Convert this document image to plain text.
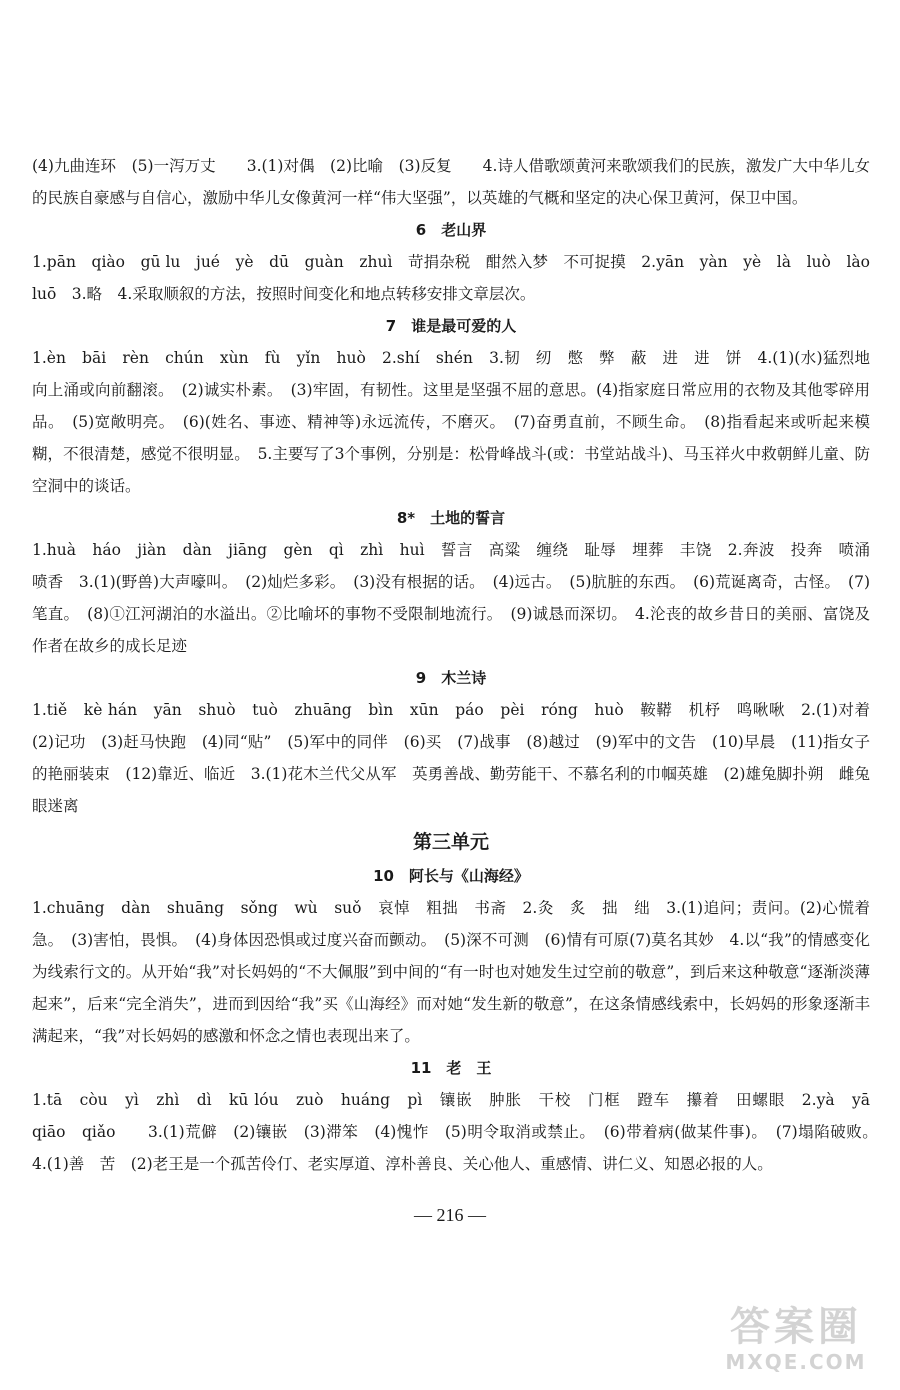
(4)九曲连环　(5)一泻万丈　　3.(1)对偶　(2)比喻　(3)反复　　4.诗人借歌颂黄河来歌颂我们的民族，激发广大中华儿女的民族自豪感与自信心，激励中华儿女像黄河一样“伟大坚强”，以英雄的气概和坚定的决心保卫黄河，保卫中国。

6　老山界

1.pān　qiào　gū lu　jué　yè　dū　guàn　zhuì　苛捐杂税　酣然入梦　不可捉摸　2.yān　yàn　yè　là　luò　lào　luō　3.略　4.采取顺叙的方法，按照时间变化和地点转移安排文章层次。

7　谁是最可爱的人

1.èn　bāi　rèn　chún　xùn　fù　yǐn　huò　2.shí　shén　3.韧　纫　憋　弊　蔽　进　进　饼　4.(1)(水)猛烈地向上涌或向前翻滚。　(2)诚实朴素。　(3)牢固，有韧性。这里是坚强不屈的意思。(4)指家庭日常应用的衣物及其他零碎用品。　(5)宽敞明亮。　(6)(姓名、事迹、精神等)永远流传，不磨灭。　(7)奋勇直前，不顾生命。　(8)指看起来或听起来模糊，不很清楚，感觉不很明显。　5.主要写了3个事例，分别是：松骨峰战斗(或：书堂站战斗)、马玉祥火中救朝鲜儿童、防空洞中的谈话。

8*　土地的誓言

1.huà　háo　jiàn　dàn　jiāng　gèn　qì　zhì　huì　誓言　高粱　缠绕　耻辱　埋葬　丰饶　2.奔波　投奔　喷涌　喷香　3.(1)(野兽)大声嚎叫。　(2)灿烂多彩。　(3)没有根据的话。　(4)远古。　(5)肮脏的东西。　(6)荒诞离奇，古怪。　(7)笔直。　(8)①江河湖泊的水溢出。②比喻坏的事物不受限制地流行。　(9)诚恳而深切。　4.沦丧的故乡昔日的美丽、富饶及作者在故乡的成长足迹

9　木兰诗

1.tiě　kè hán　yān　shuò　tuò　zhuāng　bìn　xūn　páo　pèi　róng　huò　鞍鞯　机杼　鸣啾啾　2.(1)对着　(2)记功　(3)赶马快跑　(4)同“贴”　(5)军中的同伴　(6)买　(7)战事　(8)越过　(9)军中的文告　(10)早晨　(11)指女子的艳丽装束　(12)靠近、临近　3.(1)花木兰代父从军　英勇善战、勤劳能干、不慕名利的巾帼英雄　(2)雄兔脚扑朔　雌兔眼迷离

第三单元

10　阿长与《山海经》

1.chuāng　dàn　shuāng　sǒng　wù　suǒ　哀悼　粗拙　书斋　2.灸　炙　拙　绌　3.(1)追问；责问。(2)心慌着急。　(3)害怕，畏惧。　(4)身体因恐惧或过度兴奋而颤动。　(5)深不可测　(6)情有可原(7)莫名其妙　4.以“我”的情感变化为线索行文的。从开始“我”对长妈妈的“不大佩服”到中间的“有一时也对她发生过空前的敬意”，到后来这种敬意“逐渐淡薄起来”，后来“完全消失”，进而到因给“我”买《山海经》而对她“发生新的敬意”，在这条情感线索中，长妈妈的形象逐渐丰满起来，“我”对长妈妈的感激和怀念之情也表现出来了。

11　老　王

1.tā　còu　yì　zhì　dì　kū lóu　zuò　huáng　pì　镶嵌　肿胀　干校　门框　蹬车　攥着　田螺眼　2.yà　yā　qiāo　qiǎo　　3.(1)荒僻　(2)镶嵌　(3)滞笨　(4)愧怍　(5)明令取消或禁止。　(6)带着病(做某件事)。　(7)塌陷破败。　4.(1)善　苦　(2)老王是一个孤苦伶仃、老实厚道、淳朴善良、关心他人、重感情、讲仁义、知恩必报的人。

— 216 —
答案圈
MXQE.COM
